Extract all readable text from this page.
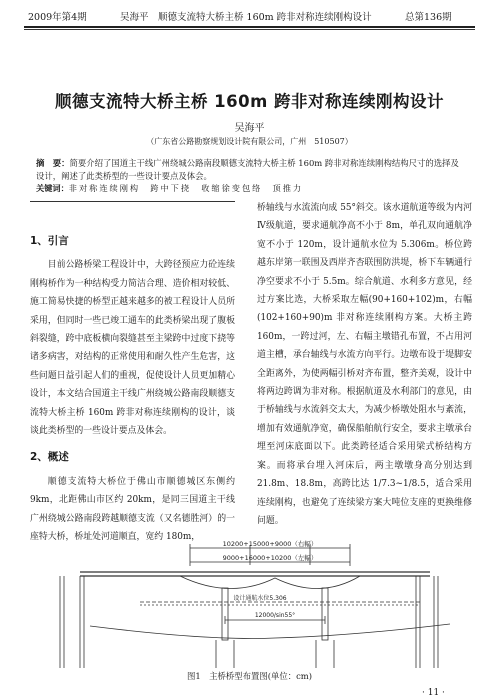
2009年第4期	吴海平　顺德支流特大桥主桥 160m 跨非对称连续刚构设计	总第136期
顺德支流特大桥主桥 160m 跨非对称连续刚构设计
吴海平
（广东省公路勘察规划设计院有限公司，广州　510507）
摘　要：简要介绍了国道主干线广州绕城公路南段顺德支流特大桥主桥 160m 跨非对称连续刚构结构尺寸的选择及设计，阐述了此类桥型的一些设计要点及体会。
关键词：非对称连续刚构　跨中下挠　收缩徐变包络　顶推力

1、引言

目前公路桥梁工程设计中，大跨径预应力砼连续刚构桥作为一种结构受力简洁合理、造价相对较低、施工简易快捷的桥型正越来越多的被工程设计人员所采用，但同时一些已竣工通车的此类桥梁出现了腹板斜裂缝，跨中底板横向裂缝甚至主梁跨中过度下挠等诸多病害，对结构的正常使用和耐久性产生危害，这些问题日益引起人们的重视，促使设计人员更加精心设计，本文结合国道主干线广州绕城公路南段顺德支流特大桥主桥 160m 跨非对称连续刚构的设计，谈谈此类桥型的一些设计要点及体会。

2、概述

顺德支流特大桥位于佛山市顺德城区东侧约 9km，北距佛山市区约 20km，是同三国道主干线广州绕城公路南段跨越顺德支流（又名德胜河）的一座特大桥，桥址处河道顺直，宽约 180m，

桥轴线与水流流向成 55°斜交。该水道航道等级为内河Ⅳ级航道，要求通航净高不小于 8m，单孔双向通航净宽不小于 120m，设计通航水位为 5.306m。桥位跨越东岸第一联围及西岸齐杏联围防洪堤，桥下车辆通行净空要求不小于 5.5m。综合航道、水利多方意见，经过方案比选，大桥采取左幅(90+160+102)m，右幅(102+160+90)m 非对称连续刚构方案。大桥主跨 160m，一跨过河，左、右幅主墩错孔布置，不占用河道主槽，承台轴线与水流方向平行。边墩布设于堤脚安全距离外，为使两幅引桥对齐布置，整齐美观，设计中将两边跨调为非对称。根据航道及水利部门的意见，由于桥轴线与水流斜交太大，为减少桥墩处阻水与紊流，增加有效通航净宽，确保船舶航行安全，要求主墩承台埋至河床底面以下。此类跨径适合采用梁式桥结构方案。而将承台埋入河床后，两主墩墩身高分别达到 21.8m、18.8m，高跨比达 1/7.3~1/8.5，适合采用连续刚构，也避免了连续梁方案大吨位支座的更换维修问题。

10200+15000+9000（右幅）
9000+16000+10200（左幅）
设计通航水位5.306
12000/sin55°
图1　主桥桥型布置图(单位：cm)
· 11 ·
